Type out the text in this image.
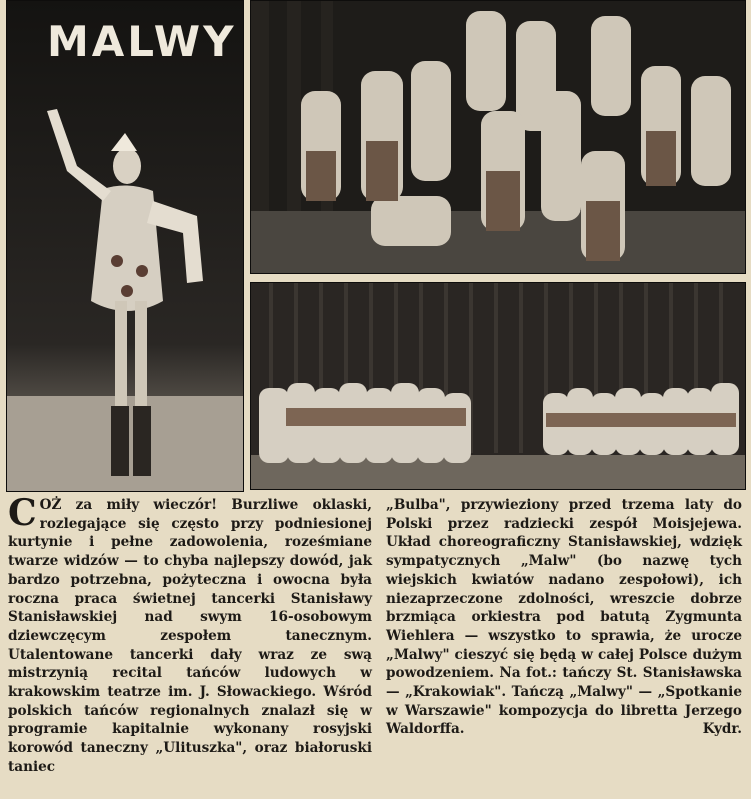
MALWY
C OŻ za miły wieczór! Burzliwe oklaski, rozlegające się często przy podniesionej kurtynie i pełne zadowolenia, roześmiane twarze widzów — to chyba najlepszy dowód, jak bardzo potrzebna, pożyteczna i owocna była roczna praca świetnej tancerki Stanisławy Stanisławskiej nad swym 16-osobowym dziewczęcym zespołem tanecznym. Utalentowane tancerki dały wraz ze swą mistrzynią recital tańców ludowych w krakowskim teatrze im. J. Słowackiego. Wśród polskich tańców regionalnych znalazł się w programie kapitalnie wykonany rosyjski korowód taneczny „Ulituszka", oraz białoruski taniec
„Bulba", przywieziony przed trzema laty do Polski przez radziecki zespół Moisjejewa. Układ choreograficzny Stanisławskiej, wdzięk sympatycznych „Malw" (bo nazwę tych wiejskich kwiatów nadano zespołowi), ich niezaprzeczone zdolności, wreszcie dobrze brzmiąca orkiestra pod batutą Zygmunta Wiehlera — wszystko to sprawia, że urocze „Malwy" cieszyć się będą w całej Polsce dużym powodzeniem. Na fot.: tańczy St. Stanisławska — „Krakowiak". Tańczą „Malwy" — „Spotkanie w Warszawie" kompozycja do libretta Jerzego Waldorffa.	Kydr.
